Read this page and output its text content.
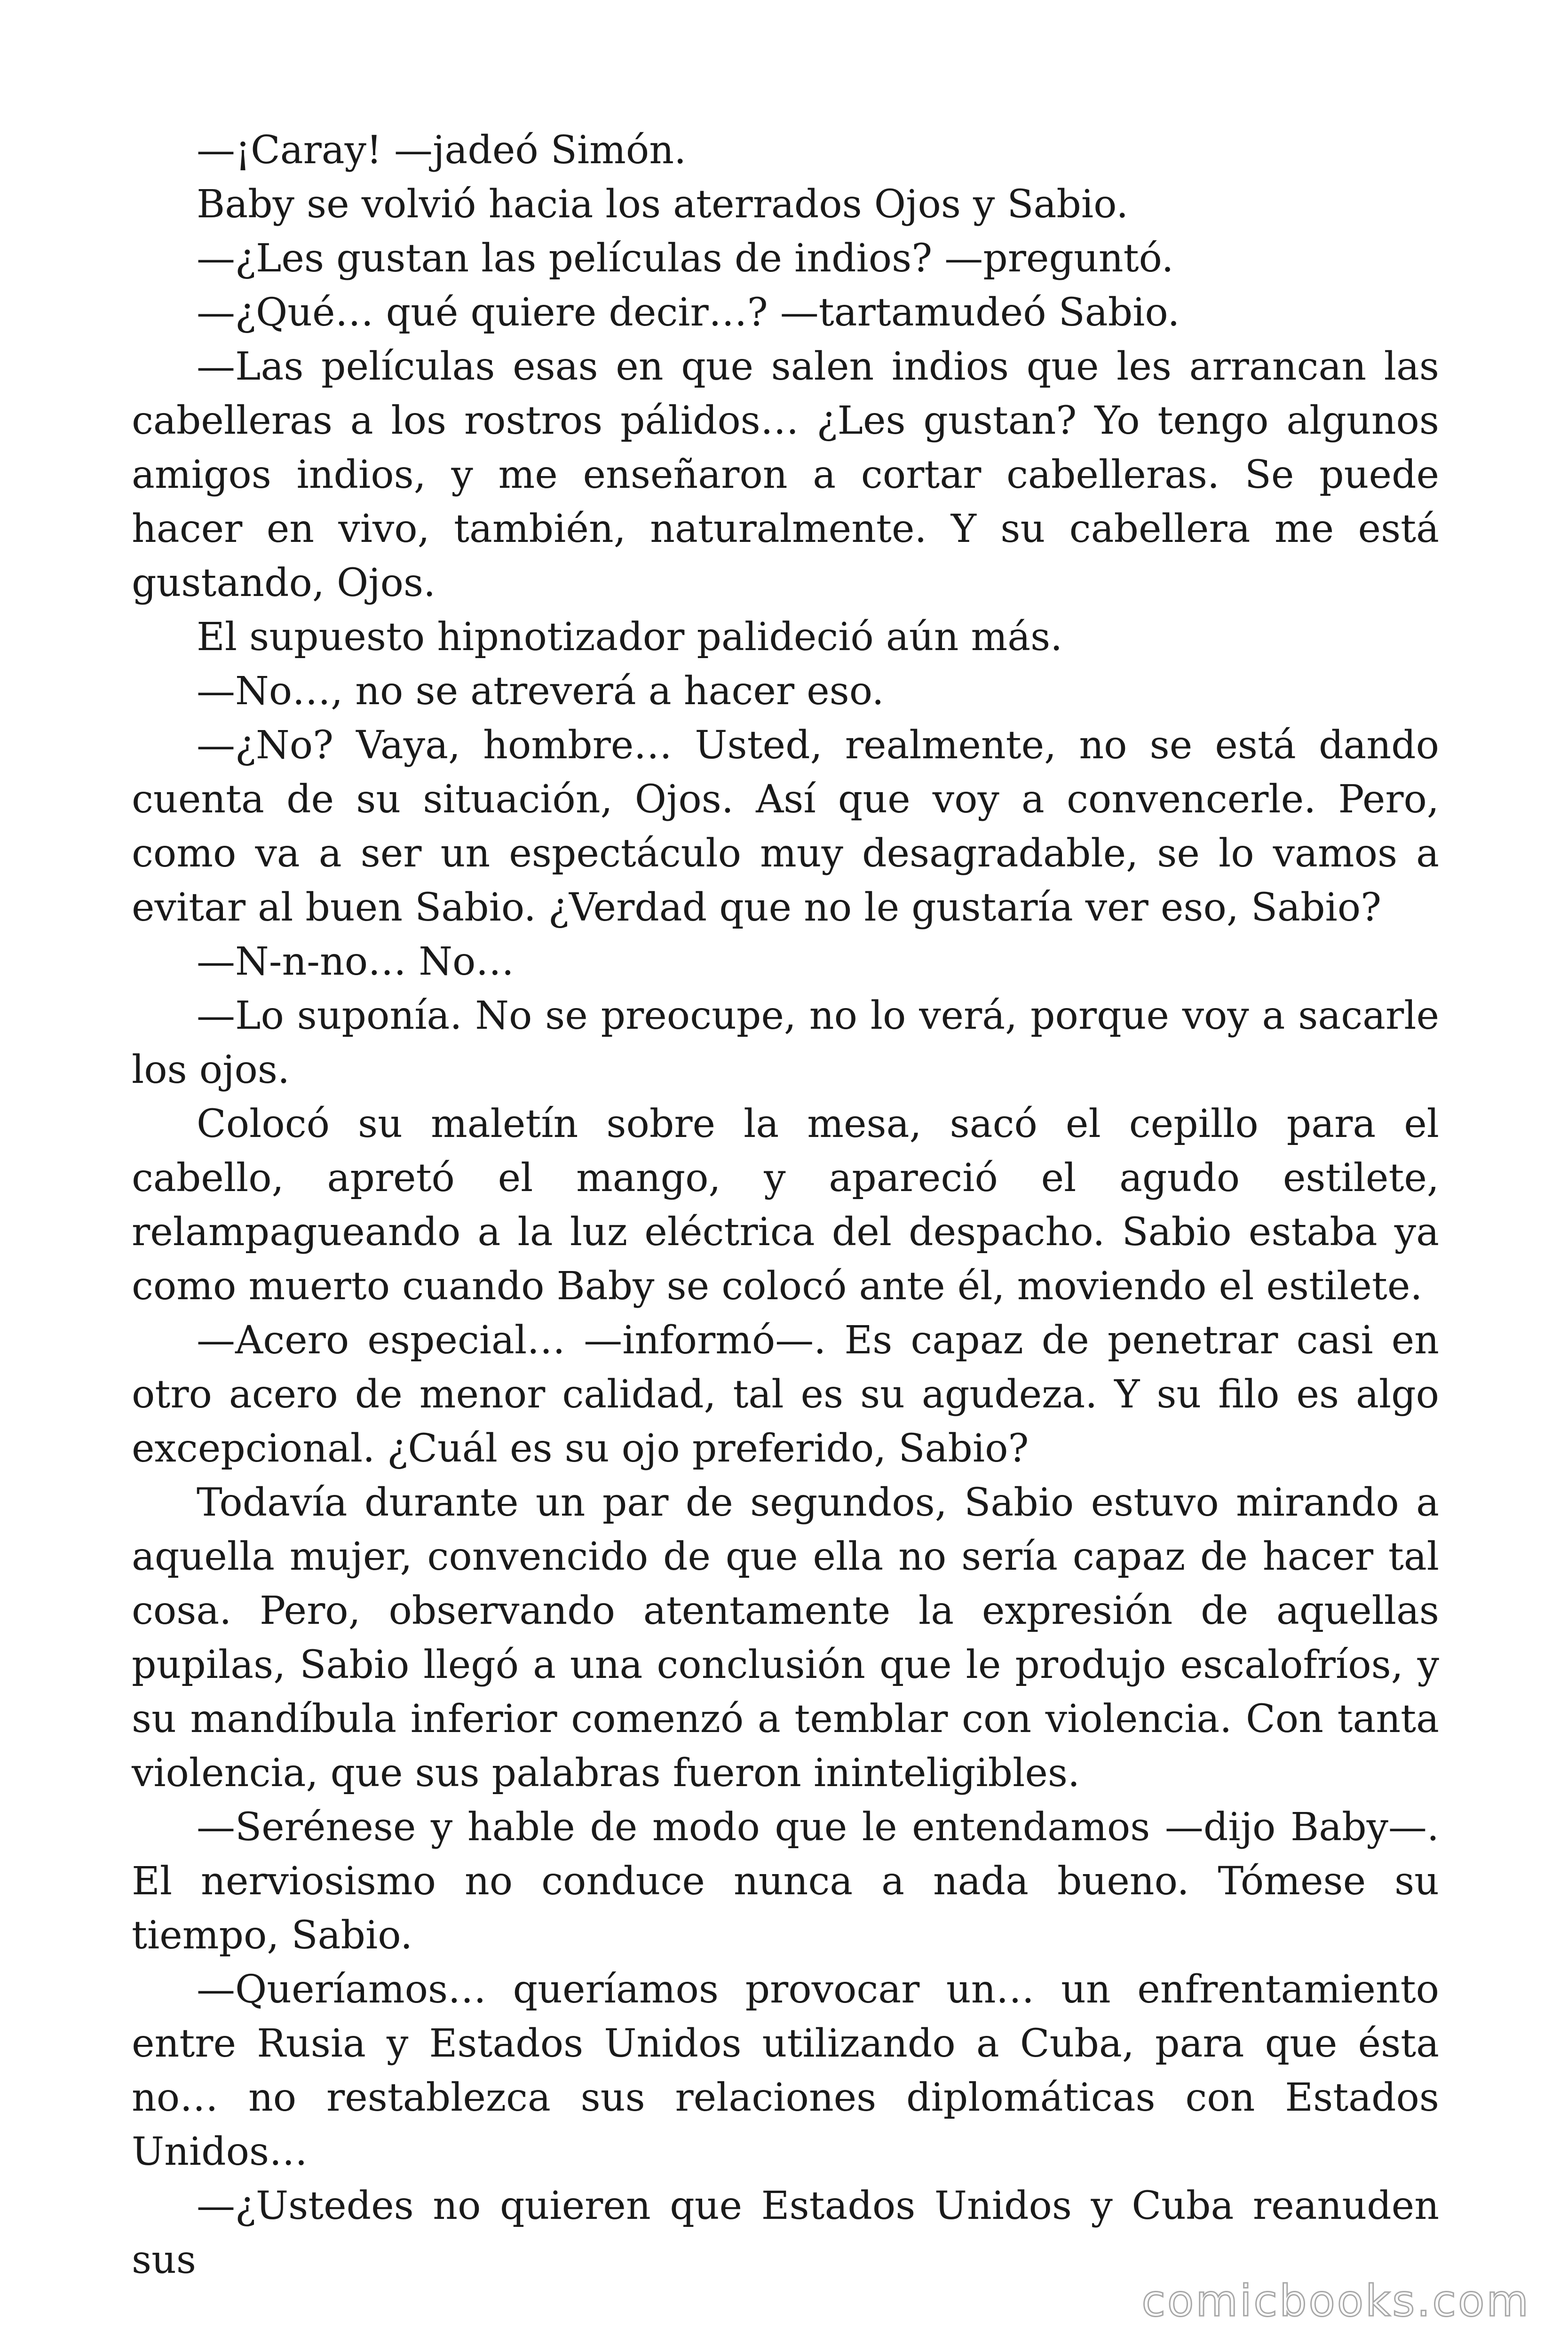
—¡Caray! —jadeó Simón.

Baby se volvió hacia los aterrados Ojos y Sabio.

—¿Les gustan las películas de indios? —preguntó.

—¿Qué… qué quiere decir…? —tartamudeó Sabio.

—Las películas esas en que salen indios que les arrancan las cabelleras a los rostros pálidos… ¿Les gustan? Yo tengo algunos amigos indios, y me enseñaron a cortar cabelleras. Se puede hacer en vivo, también, naturalmente. Y su cabellera me está gustando, Ojos.

El supuesto hipnotizador palideció aún más.

—No…, no se atreverá a hacer eso.

—¿No? Vaya, hombre… Usted, realmente, no se está dando cuenta de su situación, Ojos. Así que voy a convencerle. Pero, como va a ser un espectáculo muy desagradable, se lo vamos a evitar al buen Sabio. ¿Verdad que no le gustaría ver eso, Sabio?

—N-n-no… No…

—Lo suponía. No se preocupe, no lo verá, porque voy a sacarle los ojos.

Colocó su maletín sobre la mesa, sacó el cepillo para el cabello, apretó el mango, y apareció el agudo estilete, relampagueando a la luz eléctrica del despacho. Sabio estaba ya como muerto cuando Baby se colocó ante él, moviendo el estilete.

—Acero especial… —informó—. Es capaz de penetrar casi en otro acero de menor calidad, tal es su agudeza. Y su filo es algo excepcional. ¿Cuál es su ojo preferido, Sabio?

Todavía durante un par de segundos, Sabio estuvo mirando a aquella mujer, convencido de que ella no sería capaz de hacer tal cosa. Pero, observando atentamente la expresión de aquellas pupilas, Sabio llegó a una conclusión que le produjo escalofríos, y su mandíbula inferior comenzó a temblar con violencia. Con tanta violencia, que sus palabras fueron ininteligibles.

—Serénese y hable de modo que le entendamos —dijo Baby—. El nerviosismo no conduce nunca a nada bueno. Tómese su tiempo, Sabio.

—Queríamos… queríamos provocar un… un enfrentamiento entre Rusia y Estados Unidos utilizando a Cuba, para que ésta no… no restablezca sus relaciones diplomáticas con Estados Unidos…

—¿Ustedes no quieren que Estados Unidos y Cuba reanuden sus

comicbooks.com
